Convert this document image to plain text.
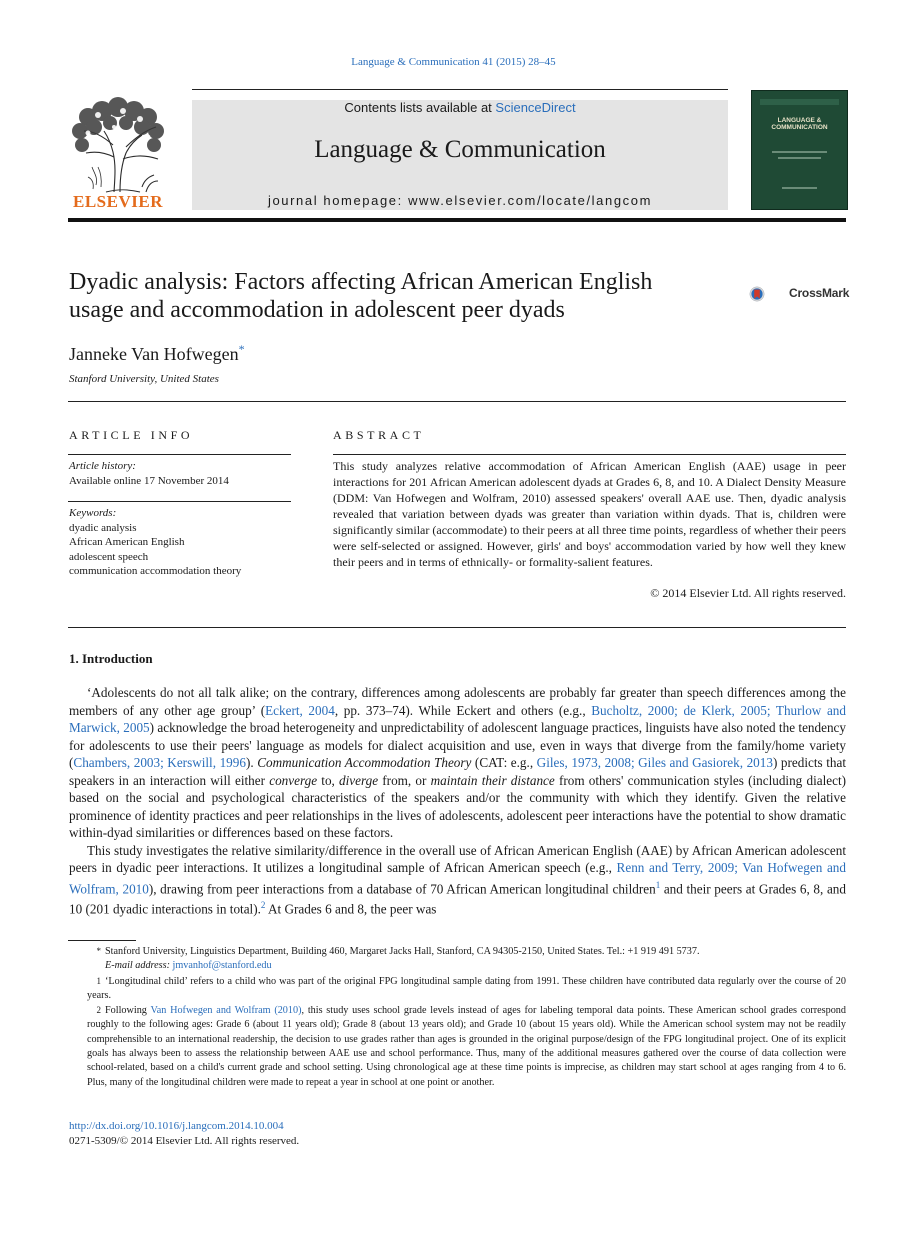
Language & Communication 41 (2015) 28–45
Contents lists available at ScienceDirect
Language & Communication
journal homepage: www.elsevier.com/locate/langcom
ELSEVIER
LANGUAGE & COMMUNICATION
Dyadic analysis: Factors affecting African American English
usage and accommodation in adolescent peer dyads
CrossMark
Janneke Van Hofwegen*
Stanford University, United States
ARTICLE INFO
Article history:
Available online 17 November 2014
Keywords:
dyadic analysis
African American English
adolescent speech
communication accommodation theory
ABSTRACT
This study analyzes relative accommodation of African American English (AAE) usage in peer interactions for 201 African American adolescent dyads at Grades 6, 8, and 10. A Dialect Density Measure (DDM: Van Hofwegen and Wolfram, 2010) assessed speakers' overall AAE use. Then, dyadic analysis revealed that variation between dyads was greater than variation within dyads. That is, children were significantly similar (accommodate) to their peers at all three time points, regardless of whether their peers were self-selected or assigned. However, girls' and boys' accommodation varied by how well they knew their peers and in terms of ethnically- or formality-salient features.
© 2014 Elsevier Ltd. All rights reserved.
1. Introduction

‘Adolescents do not all talk alike; on the contrary, differences among adolescents are probably far greater than speech differences among the members of any other age group’ (Eckert, 2004, pp. 373–74). While Eckert and others (e.g., Bucholtz, 2000; de Klerk, 2005; Thurlow and Marwick, 2005) acknowledge the broad heterogeneity and unpredictability of adolescent language practices, linguists have also noted the tendency for adolescents to use their peers' language as models for dialect acquisition and use, even in ways that diverge from the family/home variety (Chambers, 2003; Kerswill, 1996). Communication Accommodation Theory (CAT: e.g., Giles, 1973, 2008; Giles and Gasiorek, 2013) predicts that speakers in an interaction will either converge to, diverge from, or maintain their distance from others' communication styles (including dialect) based on the social and psychological characteristics of the speakers and/or the community with which they identify. Given the relative prominence of identity practices and peer relationships in the lives of adolescents, adolescent peer interactions have the potential to show dramatic within-dyad similarities or differences based on these factors.

This study investigates the relative similarity/difference in the overall use of African American English (AAE) by African American adolescent peers in dyadic peer interactions. It utilizes a longitudinal sample of African American speech (e.g., Renn and Terry, 2009; Van Hofwegen and Wolfram, 2010), drawing from peer interactions from a database of 70 African American longitudinal children$^1$ and their peers at Grades 6, 8, and 10 (201 dyadic interactions in total).$^2$ At Grades 6 and 8, the peer was

* Stanford University, Linguistics Department, Building 460, Margaret Jacks Hall, Stanford, CA 94305-2150, United States. Tel.: +1 919 491 5737.

E-mail address: jmvanhof@stanford.edu

1 ‘Longitudinal child’ refers to a child who was part of the original FPG longitudinal sample dating from 1991. These children have contributed data regularly over the course of 20 years.

2 Following Van Hofwegen and Wolfram (2010), this study uses school grade levels instead of ages for labeling temporal data points. These American school grades correspond roughly to the following ages: Grade 6 (about 11 years old); Grade 8 (about 13 years old); and Grade 10 (about 15 years old). While the American school system may not be readily comprehensible to an international readership, the decision to use grades rather than ages is grounded in the original purpose/design of the FPG longitudinal project. One of its explicit goals has always been to assess the relationship between AAE use and school performance. Thus, many of the additional measures gathered over the course of data collection were school-related, based on a child's current grade and school setting. Using chronological age at these time points is imprecise, as children may start school at ages ranging from 4 to 6. Plus, many of the longitudinal children were made to repeat a year in school at one point or another.

http://dx.doi.org/10.1016/j.langcom.2014.10.004
0271-5309/© 2014 Elsevier Ltd. All rights reserved.
